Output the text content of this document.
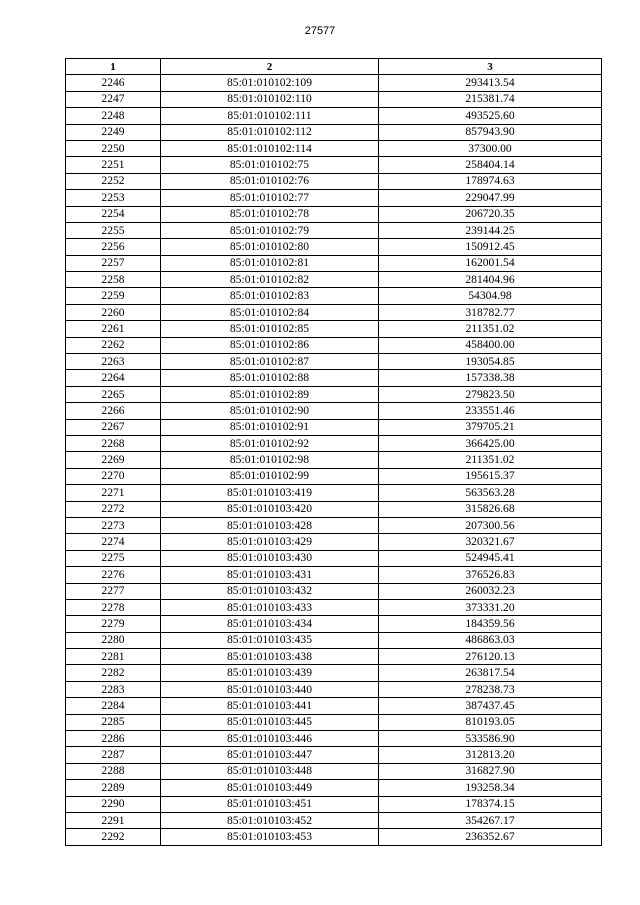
27577
1	2	3
2246	85:01:010102:109	293413.54
2247	85:01:010102:110	215381.74
2248	85:01:010102:111	493525.60
2249	85:01:010102:112	857943.90
2250	85:01:010102:114	37300.00
2251	85:01:010102:75	258404.14
2252	85:01:010102:76	178974.63
2253	85:01:010102:77	229047.99
2254	85:01:010102:78	206720.35
2255	85:01:010102:79	239144.25
2256	85:01:010102:80	150912.45
2257	85:01:010102:81	162001.54
2258	85:01:010102:82	281404.96
2259	85:01:010102:83	54304.98
2260	85:01:010102:84	318782.77
2261	85:01:010102:85	211351.02
2262	85:01:010102:86	458400.00
2263	85:01:010102:87	193054.85
2264	85:01:010102:88	157338.38
2265	85:01:010102:89	279823.50
2266	85:01:010102:90	233551.46
2267	85:01:010102:91	379705.21
2268	85:01:010102:92	366425.00
2269	85:01:010102:98	211351.02
2270	85:01:010102:99	195615.37
2271	85:01:010103:419	563563.28
2272	85:01:010103:420	315826.68
2273	85:01:010103:428	207300.56
2274	85:01:010103:429	320321.67
2275	85:01:010103:430	524945.41
2276	85:01:010103:431	376526.83
2277	85:01:010103:432	260032.23
2278	85:01:010103:433	373331.20
2279	85:01:010103:434	184359.56
2280	85:01:010103:435	486863.03
2281	85:01:010103:438	276120.13
2282	85:01:010103:439	263817.54
2283	85:01:010103:440	278238.73
2284	85:01:010103:441	387437.45
2285	85:01:010103:445	810193.05
2286	85:01:010103:446	533586.90
2287	85:01:010103:447	312813.20
2288	85:01:010103:448	316827.90
2289	85:01:010103:449	193258.34
2290	85:01:010103:451	178374.15
2291	85:01:010103:452	354267.17
2292	85:01:010103:453	236352.67
